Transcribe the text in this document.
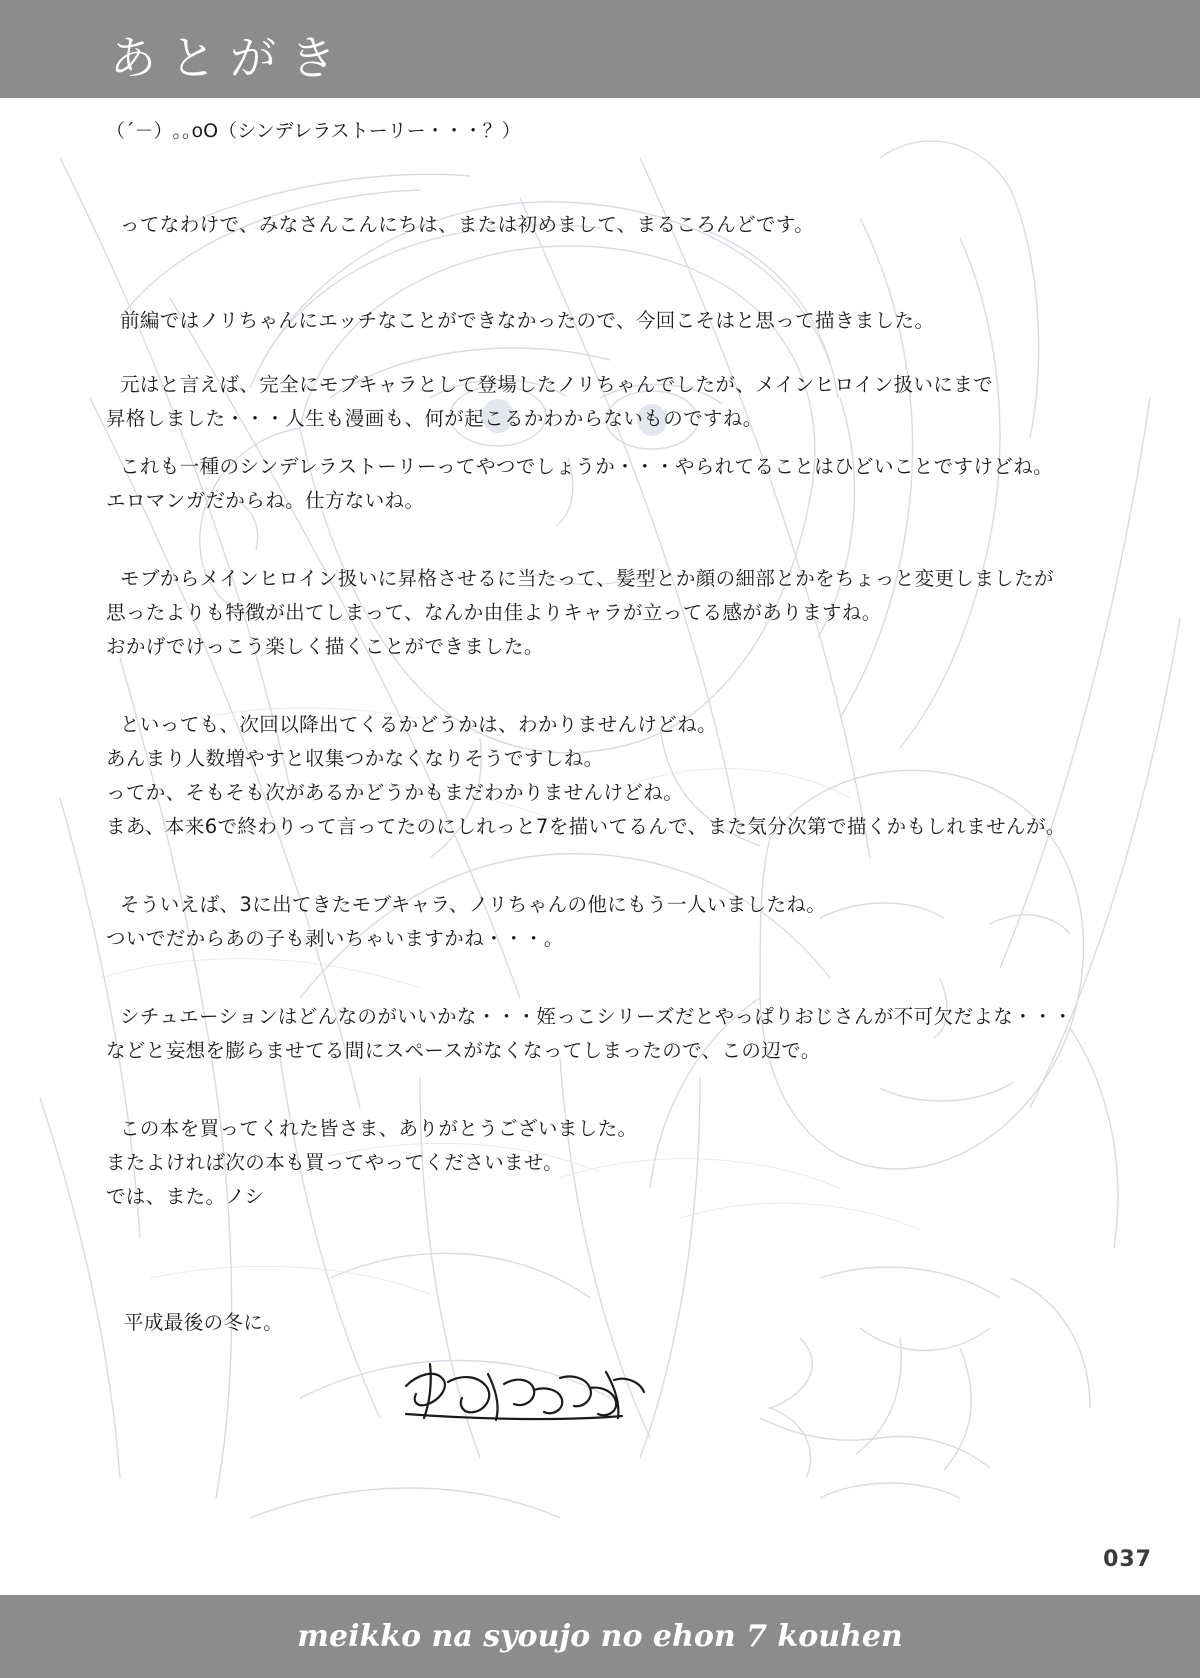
あとがき
（´－）｡｡oO（シンデレラストーリー・・・？）
ってなわけで、みなさんこんにちは、または初めまして、まるころんどです。
前編ではノリちゃんにエッチなことができなかったので、今回こそはと思って描きました。
元はと言えば、完全にモブキャラとして登場したノリちゃんでしたが、メインヒロイン扱いにまで
昇格しました・・・人生も漫画も、何が起こるかわからないものですね。
これも一種のシンデレラストーリーってやつでしょうか・・・やられてることはひどいことですけどね。
エロマンガだからね。仕方ないね。
モブからメインヒロイン扱いに昇格させるに当たって、髪型とか顔の細部とかをちょっと変更しましたが
思ったよりも特徴が出てしまって、なんか由佳よりキャラが立ってる感がありますね。
おかげでけっこう楽しく描くことができました。
といっても、次回以降出てくるかどうかは、わかりませんけどね。
あんまり人数増やすと収集つかなくなりそうですしね。
ってか、そもそも次があるかどうかもまだわかりませんけどね。
まあ、本来6で終わりって言ってたのにしれっと7を描いてるんで、また気分次第で描くかもしれませんが。
そういえば、3に出てきたモブキャラ、ノリちゃんの他にもう一人いましたね。
ついでだからあの子も剥いちゃいますかね・・・。
シチュエーションはどんなのがいいかな・・・姪っこシリーズだとやっぱりおじさんが不可欠だよな・・・
などと妄想を膨らませてる間にスペースがなくなってしまったので、この辺で。
この本を買ってくれた皆さま、ありがとうございました。
またよければ次の本も買ってやってくださいませ。
では、また。ノシ
平成最後の冬に。
037
meikko na syoujo no ehon 7 kouhen
